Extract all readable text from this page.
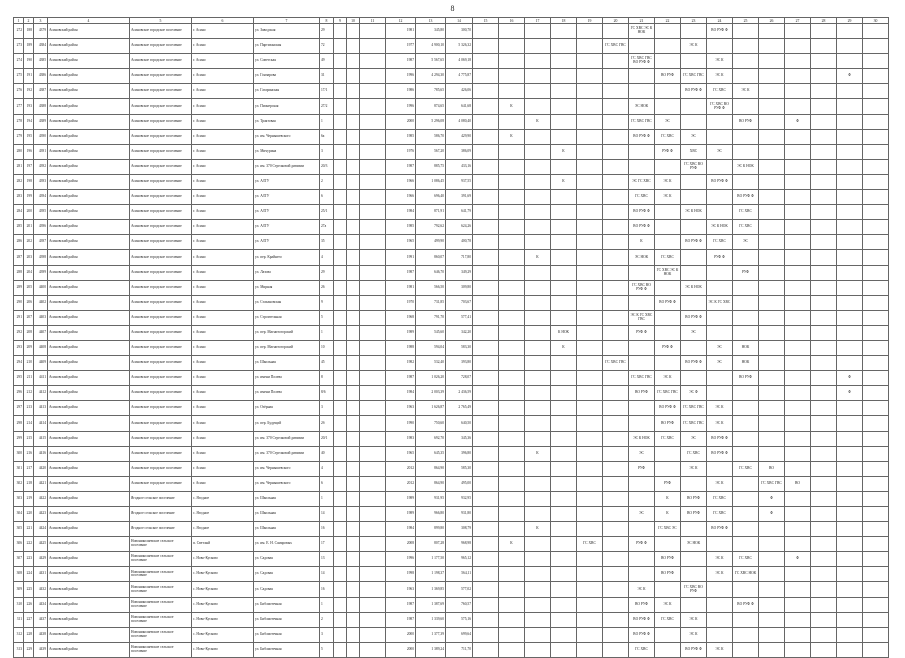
8
1	2	3	4	5	6	7	8	9	10	11	12	13	14	15	16	17	18	19	20	21	22	23	24	25	26	27	28	29	30
272	188	4379	Асиновский район	Асиновское городское поселение	г. Асино	ул. Заводская	29				1981	345,80	300,70							ГС ХВС ЭС К НОК			ВО РУФ Ф						
273	189	4384	Асиновский район	Асиновское городское поселение	г. Асино	ул. Партизанская	72				1977	4 900,10	5 326,32						ГС ХВС ГВС			ЭС К							
274	190	4385	Асиновский район	Асиновское городское поселение	г. Асино	ул. Советская	49				1987	5 567,65	4 069,18							ГС ХВС ГВС ВО РУФ Ф			ЭС К						
275	191	4386	Асиновский район	Асиновское городское поселение	г. Асино	ул. Гончарова	31				1996	4 294,30	4 775,87								ВО РУФ	ГС ХВС ГВС	ЭС К					Ф	
276	192	4387	Асиновский район	Асиновское городское поселение	г. Асино	ул. Гагаринская	17/1				1986	785,65	426,06									ВО РУФ Ф	ГС ХВС	ЭС К					
277	193	4388	Асиновский район	Асиновское городское поселение	г. Асино	ул. Пионерская	27/2				1996	874,65	641,68		К					ЭС НОК			ГС ХВС ВО РУФ Ф						
278	194	4389	Асиновский район	Асиновское городское поселение	г. Асино	ул. Трактовая	1				2000	5 296,08	4 080,40			К				ГС ХВС ГВС	ЭС			ВО РУФ		Ф			
279	195	4390	Асиновский район	Асиновское городское поселение	г. Асино	ул. им. Чернышевского	6а				1985	586,70	429,90		К					ВО РУФ Ф	ГС ХВС	ЭС							
280	196	4391	Асиновский район	Асиновское городское поселение	г. Асино	ул. Мичурина	3				1976	567,20	386,09				К				РУФ Ф	ХВС	ЭС						
281	197	4392	Асиновский район	Асиновское городское поселение	г. Асино	ул. им. 370 Стрелковой дивизии	20/3				1987	885,75	433,16									ГС ХВС ВО РУФ		ЭС К НОК					
282	198	4393	Асиновский район	Асиновское городское поселение	г. Асино	ул. АЗТУ	2				1966	1 086,45	937,55				К			ЭС ГС ХВС	ЭС К		ВО РУФ Ф						
283	199	4394	Асиновский район	Асиновское городское поселение	г. Асино	ул. АЗТУ	6				1966	696,40	391,69							ГС ХВС	ЭС К			ВО РУФ Ф					
284	200	4395	Асиновский район	Асиновское городское поселение	г. Асино	ул. АЗТУ	25/1				1984	871,91	641,79							ВО РУФ Ф		ЭС К НОК		ГС ХВС					
285	201	4396	Асиновский район	Асиновское городское поселение	г. Асино	ул. АЗТУ	27а				1985	792,62	624,26							ВО РУФ Ф			ЭС К НОК	ГС ХВС					
286	202	4397	Асиновский район	Асиновское городское поселение	г. Асино	ул. АЗТУ	35				1965	499,90	400,78							К		ВО РУФ Ф	ГС ХВС	ЭС					
287	203	4398	Асиновский район	Асиновское городское поселение	г. Асино	ул. пер. Крайнего	4				1991	860,07	717,80			К				ЭС НОК	ГС ХВС		РУФ Ф						
288	204	4399	Асиновский район	Асиновское городское поселение	г. Асино	ул. Лазова	29				1987	646,70	349,29								ГС ХВС ЭС К НОК			РУФ					
289	205	4400	Асиновский район	Асиновское городское поселение	г. Асино	ул. Мирная	26				1981	566,50	309,80							ГС ХВС ВО РУФ Ф		ЭС К НОК							
290	206	4402	Асиновский район	Асиновское городское поселение	г. Асино	ул. Стахановская	9				1970	731,85	703,67								ВО РУФ Ф		ЭС К ГС ХВС						
291	207	4403	Асиновский район	Асиновское городское поселение	г. Асино	ул. Строительная	5				1968	791,70	577,41							ЭС К ГС ХВС ГВС		ВО РУФ Ф							
292	208	4407	Асиновский район	Асиновское городское поселение	г. Асино	ул. пер. Магнитогорский	1				1989	545,60	342,20				К НОК			РУФ Ф		ЭС							
293	209	4408	Асиновский район	Асиновское городское поселение	г. Асино	ул. пер. Магнитогорский	10				1988	594,04	583,30				К				РУФ Ф		ЭС	НОК					
294	210	4409	Асиновский район	Асиновское городское поселение	г. Асино	ул. Школьная	45				1982	532,40	393,80						ГС ХВС ГВС			ВО РУФ Ф	ЭС	НОК					
295	211	4411	Асиновский район	Асиновское городское поселение	г. Асино	ул. имени Полева	8				1987	1 026,20	728,07							ГС ХВС ГВС	ЭС К			ВО РУФ				Ф	
296	212	4412	Асиновский район	Асиновское городское поселение	г. Асино	ул. имени Полева	8/6				1984	2 003,39	2 436,59							ВО РУФ	ГС ХВС ГВС	ЭС Ф						Ф	
297	213	4413	Асиновский район	Асиновское городское поселение	г. Асино	ул. Озёрная	3				1963	1 626,87	2 765,49								ВО РУФ Ф	ГС ХВС ГВС	ЭС К						
298	214	4414	Асиновский район	Асиновское городское поселение	г. Асино	ул. пер. Будущий	2б				1990	750,60	640,50								ВО РУФ	ГС ХВС ГВС	ЭС К						
299	215	4415	Асиновский район	Асиновское городское поселение	г. Асино	ул. им. 370 Стрелковой дивизии	20/1				1983	692,70	345,36							ЭС К НОК	ГС ХВС	ЭС	ВО РУФ Ф						
300	216	4416	Асиновский район	Асиновское городское поселение	г. Асино	ул. им. 370 Стрелковой дивизии	40				1965	645,35	396,80			К				ЭС		ГС ХВС	ВО РУФ Ф						
301	217	4420	Асиновский район	Асиновское городское поселение	г. Асино	ул. им. Чернышевского	4				2012	864,90	585,30							РУФ		ЭС К		ГС ХВС	ВО				
302	218	4421	Асиновский район	Асиновское городское поселение	г. Асино	ул. им. Чернышевского	6				2012	864,90	495,00								РУФ		ЭС К		ГС ХВС ГВС	ВО			
303	219	4422	Асиновский район	Ягодное сельское поселение	с. Ягодное	ул. Школьная	1				1989	931,95	932,95								К	ВО РУФ	ГС ХВС		Ф				
304	220	4423	Асиновский район	Ягодное сельское поселение	с. Ягодное	ул. Школьная	14				1989	966,80	931,80							ЭС	К	ВО РУФ	ГС ХВС		Ф				
305	221	4424	Асиновский район	Ягодное сельское поселение	с. Ягодное	ул. Школьная	16				1984	899,80	308,79			К					ГС ХВС ЭС		ВО РУФ Ф						
306	222	4425	Асиновский район	Новониколаевское сельское поселение	п. Светлый	ул. им. Е. Н. Самаровых	17				2008	807,28	968,98		К			ГС ХВС		РУФ Ф		ЭС НОК							
307	223	4429	Асиновский район	Новониколаевское сельское поселение	с. Ново-Кусково	ул. Садовая	13				1996	1 177,50	965,12								ВО РУФ		ЭС К	ГС ХВС		Ф			
308	224	4431	Асиновский район	Новониколаевское сельское поселение	с. Ново-Кусково	ул. Садовая	14				1998	1 198,37	564,11								ВО РУФ		ЭС К	ГС ХВС НОК					
309	225	4432	Асиновский район	Новониколаевское сельское поселение	с. Ново-Кусково	ул. Садовая	16				1963	1 369,85	577,02							ЭС К		ГС ХВС ВО РУФ							
310	226	4434	Асиновский район	Новониколаевское сельское поселение	с. Ново-Кусково	ул. Библиотечная	1				1987	1 387,69	760,57							ВО РУФ	ЭС К			ВО РУФ Ф					
311	227	4437	Асиновский район	Новониколаевское сельское поселение	с. Ново-Кусково	ул. Библиотечная	2				1987	1 339,60	575,16							ВО РУФ Ф	ГС ХВС	ЭС К							
312	228	4438	Асиновский район	Новониколаевское сельское поселение	с. Ново-Кусково	ул. Библиотечная	3				2000	1 377,39	699,64							ВО РУФ Ф		ЭС К							
313	229	4439	Асиновский район	Новониколаевское сельское поселение	с. Ново-Кусково	ул. Библиотечная	5				2000	1 389,24	711,70							ГС ХВС		ВО РУФ Ф	ЭС К						
